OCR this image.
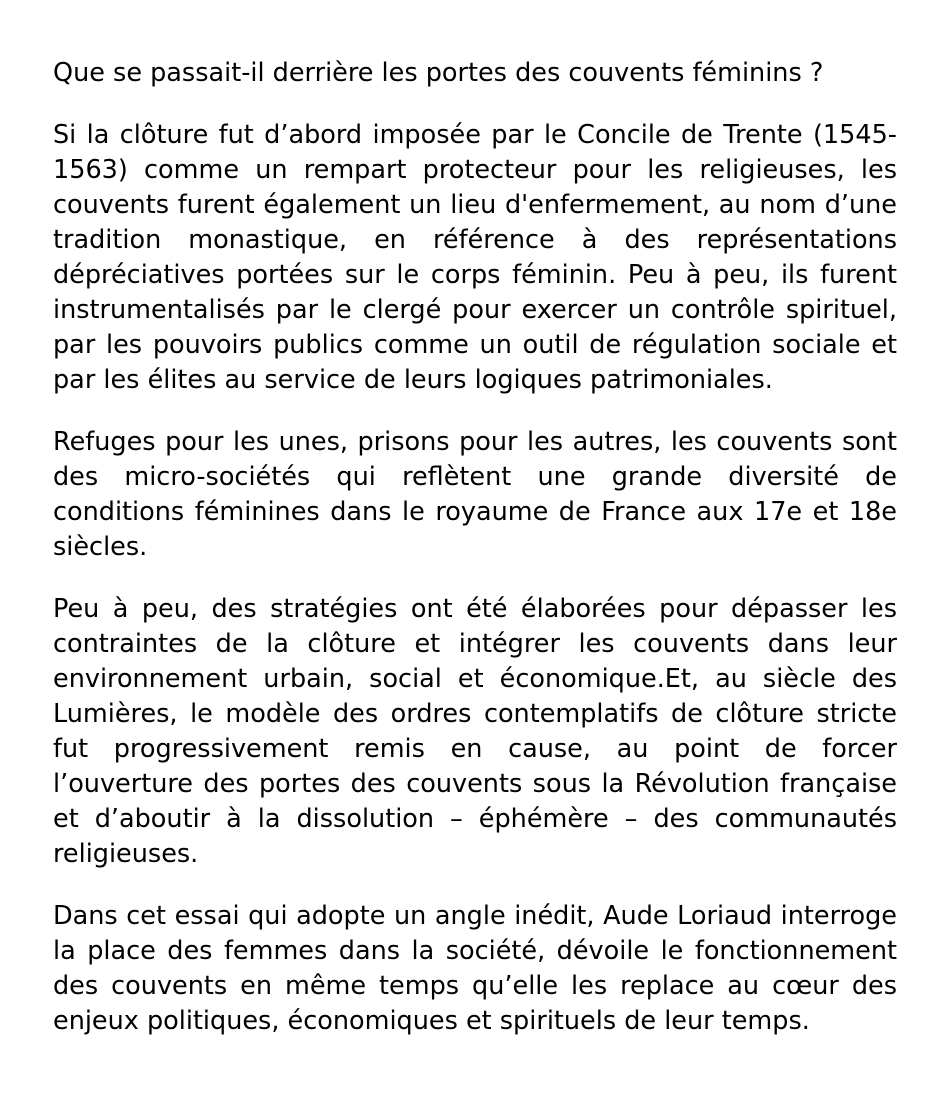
Que se passait-il derrière les portes des couvents féminins ?

Si la clôture fut d’abord imposée par le Concile de Trente (1545-1563) comme un rempart protecteur pour les religieuses, les couvents furent également un lieu d'enfermement, au nom d’une tradition monastique, en référence à des représentations dépréciatives portées sur le corps féminin. Peu à peu, ils furent instrumentalisés par le clergé pour exercer un contrôle spirituel, par les pouvoirs publics comme un outil de régulation sociale et par les élites au service de leurs logiques patrimoniales.

Refuges pour les unes, prisons pour les autres, les couvents sont des micro-sociétés qui reflètent une grande diversité de conditions féminines dans le royaume de France aux 17e et 18e siècles.

Peu à peu, des stratégies ont été élaborées pour dépasser les contraintes de la clôture et intégrer les couvents dans leur environnement urbain, social et économique.Et, au siècle des Lumières, le modèle des ordres contemplatifs de clôture stricte fut progressivement remis en cause, au point de forcer l’ouverture des portes des couvents sous la Révolution française et d’aboutir à la dissolution – éphémère – des communautés religieuses.

Dans cet essai qui adopte un angle inédit, Aude Loriaud interroge la place des femmes dans la société, dévoile le fonctionnement des couvents en même temps qu’elle les replace au cœur des enjeux politiques, économiques et spirituels de leur temps.
